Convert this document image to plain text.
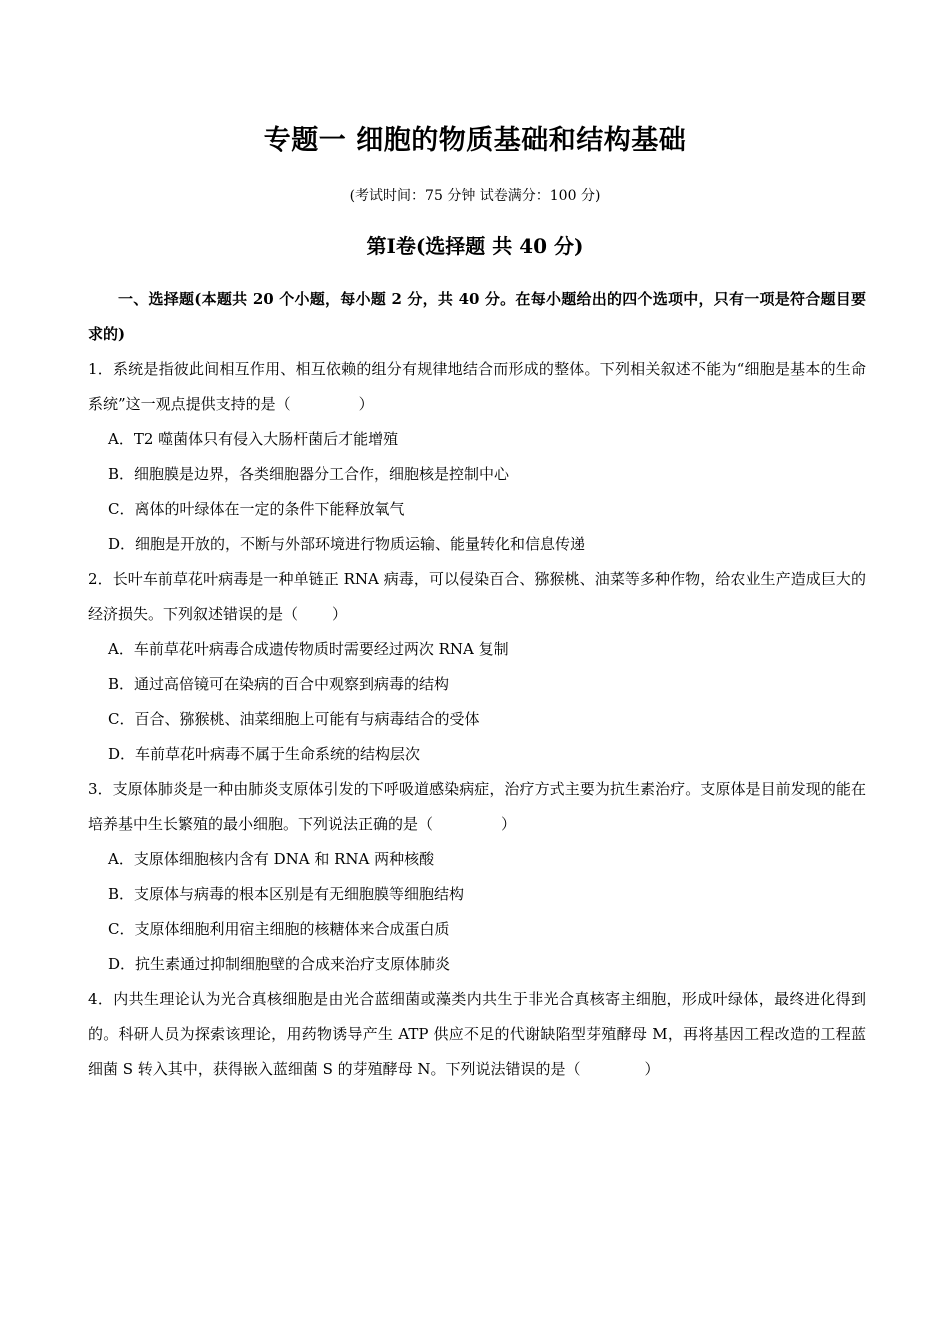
专题一 细胞的物质基础和结构基础
(考试时间：75 分钟 试卷满分：100 分)
第Ⅰ卷(选择题 共 40 分)

一、选择题(本题共 20 个小题，每小题 2 分，共 40 分。在每小题给出的四个选项中，只有一项是符合题目要求的)

1．系统是指彼此间相互作用、相互依赖的组分有规律地结合而形成的整体。下列相关叙述不能为“细胞是基本的生命系统”这一观点提供支持的是（	）

A．T2 噬菌体只有侵入大肠杆菌后才能增殖

B．细胞膜是边界，各类细胞器分工合作，细胞核是控制中心

C．离体的叶绿体在一定的条件下能释放氧气

D．细胞是开放的，不断与外部环境进行物质运输、能量转化和信息传递

2．长叶车前草花叶病毒是一种单链正 RNA 病毒，可以侵染百合、猕猴桃、油菜等多种作物，给农业生产造成巨大的经济损失。下列叙述错误的是（ ）

A．车前草花叶病毒合成遗传物质时需要经过两次 RNA 复制

B．通过高倍镜可在染病的百合中观察到病毒的结构

C．百合、猕猴桃、油菜细胞上可能有与病毒结合的受体

D．车前草花叶病毒不属于生命系统的结构层次

3．支原体肺炎是一种由肺炎支原体引发的下呼吸道感染病症，治疗方式主要为抗生素治疗。支原体是目前发现的能在培养基中生长繁殖的最小细胞。下列说法正确的是（	）

A．支原体细胞核内含有 DNA 和 RNA 两种核酸

B．支原体与病毒的根本区别是有无细胞膜等细胞结构

C．支原体细胞利用宿主细胞的核糖体来合成蛋白质

D．抗生素通过抑制细胞壁的合成来治疗支原体肺炎

4．内共生理论认为光合真核细胞是由光合蓝细菌或藻类内共生于非光合真核寄主细胞，形成叶绿体，最终进化得到的。科研人员为探索该理论，用药物诱导产生 ATP 供应不足的代谢缺陷型芽殖酵母 M，再将基因工程改造的工程蓝细菌 S 转入其中，获得嵌入蓝细菌 S 的芽殖酵母 N。下列说法错误的是（	）
